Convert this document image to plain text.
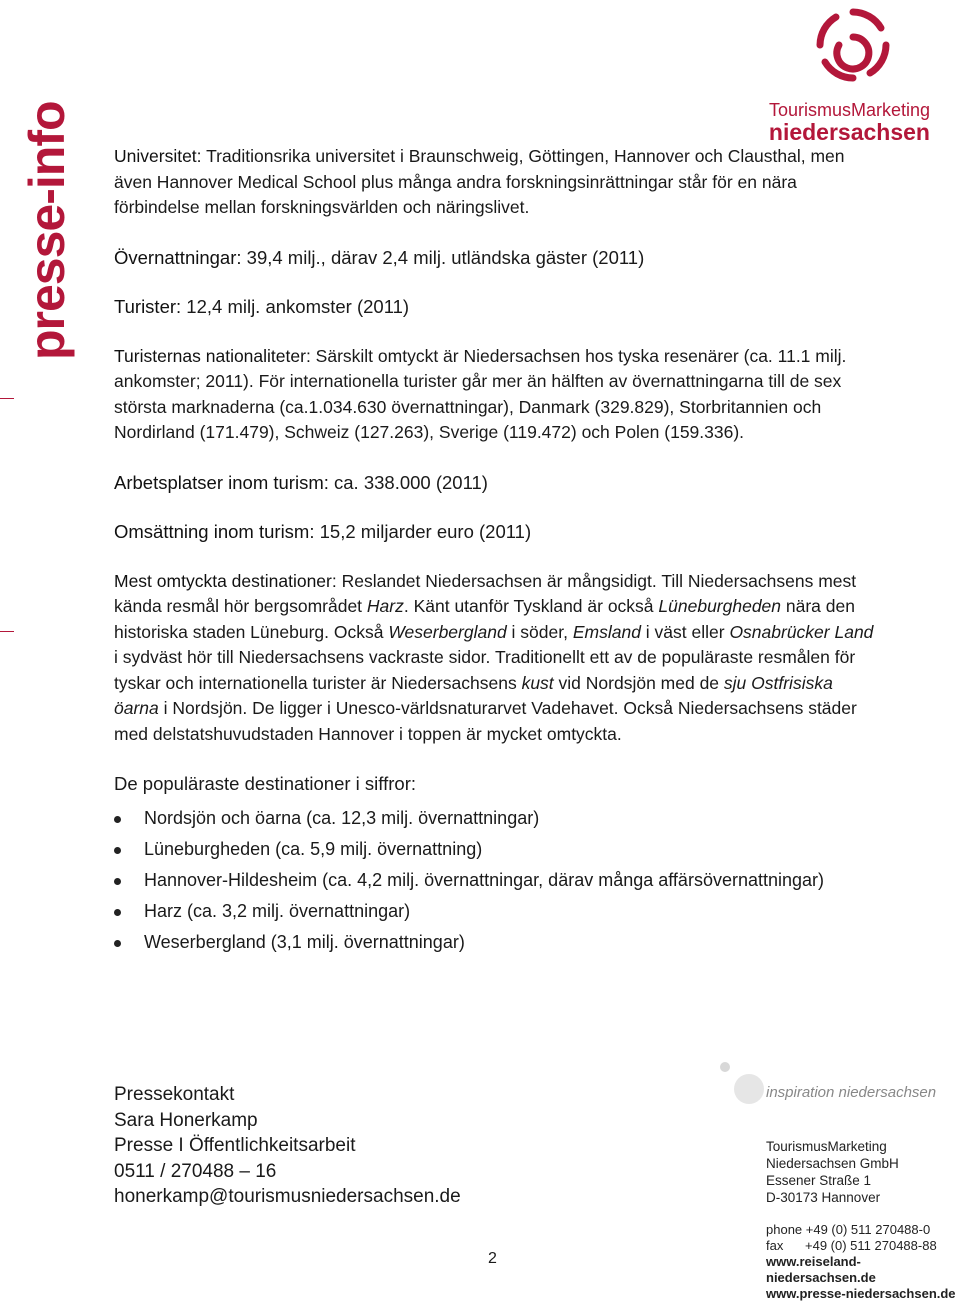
presse-info	TourismusMarketing
niedersachsen

Universitet: Traditionsrika universitet i Braunschweig, Göttingen, Hannover och Clausthal, men även Hannover Medical School plus många andra forskningsinrättningar står för en nära förbindelse mellan forskningsvärlden och näringslivet.

Övernattningar: 39,4 milj., därav 2,4 milj. utländska gäster (2011)

Turister: 12,4 milj. ankomster (2011)

Turisternas nationaliteter: Särskilt omtyckt är Niedersachsen hos tyska resenärer (ca. 11.1 milj. ankomster; 2011). För internationella turister går mer än hälften av övernattningarna till de sex största marknaderna (ca.1.034.630 övernattningar), Danmark (329.829), Storbritannien och Nordirland (171.479), Schweiz (127.263), Sverige (119.472) och Polen (159.336).

Arbetsplatser inom turism: ca. 338.000 (2011)

Omsättning inom turism: 15,2 miljarder euro (2011)

Mest omtyckta destinationer: Reslandet Niedersachsen är mångsidigt. Till Niedersachsens mest kända resmål hör bergsområdet Harz. Känt utanför Tyskland är också Lüneburgheden nära den historiska staden Lüneburg. Också Weserbergland i söder, Emsland i väst eller Osnabrücker Land i sydväst hör till Niedersachsens vackraste sidor. Traditionellt ett av de populäraste resmålen för tyskar och internationella turister är Niedersachsens kust vid Nordsjön med de sju Ostfrisiska öarna i Nordsjön. De ligger i Unesco-världsnaturarvet Vadehavet. Också Niedersachsens städer med delstatshuvudstaden Hannover i toppen är mycket omtyckta.

De populäraste destinationer i siffror:

Nordsjön och öarna (ca. 12,3 milj. övernattningar)
Lüneburgheden (ca. 5,9 milj. övernattning)
Hannover-Hildesheim (ca. 4,2 milj. övernattningar, därav många affärsövernattningar)
Harz (ca. 3,2 milj. övernattningar)
Weserbergland (3,1 milj. övernattningar)
Pressekontakt
Sara Honerkamp
Presse I Öffentlichkeitsarbeit
0511 / 270488 – 16
honerkamp@tourismusniedersachsen.de
2
inspiration niedersachsen
TourismusMarketing
Niedersachsen GmbH
Essener Straße 1
D-30173 Hannover
phone +49 (0) 511 270488-0
fax      +49 (0) 511 270488-88
www.reiseland-niedersachsen.de
www.presse-niedersachsen.de
